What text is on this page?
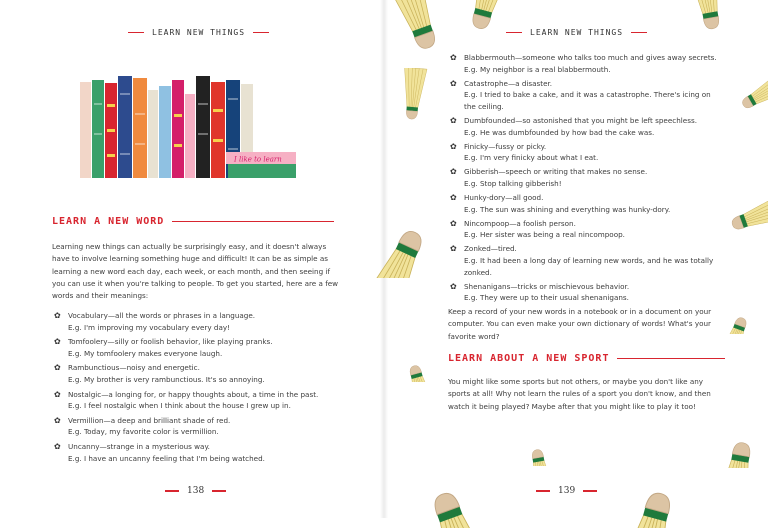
LEARN NEW THINGS
I like to learn
LEARN A NEW WORD
Learning new things can actually be surprisingly easy, and it doesn't always have to involve learning something huge and difficult! It can be as simple as learning a new word each day, each week, or each month, and then seeing if you can use it when you're talking to people. To get you started, here are a few words and their meanings:
✿ Vocabulary—all the words or phrases in a language.
E.g. I'm improving my vocabulary every day!
✿ Tomfoolery—silly or foolish behavior, like playing pranks.
E.g. My tomfoolery makes everyone laugh.
✿ Rambunctious—noisy and energetic.
E.g. My brother is very rambunctious. It's so annoying.
✿ Nostalgic—a longing for, or happy thoughts about, a time in the past.
E.g. I feel nostalgic when I think about the house I grew up in.
✿ Vermillion—a deep and brilliant shade of red.
E.g. Today, my favorite color is vermillion.
✿ Uncanny—strange in a mysterious way.
E.g. I have an uncanny feeling that I'm being watched.
138
LEARN NEW THINGS
✿ Blabbermouth—someone who talks too much and gives away secrets.
E.g. My neighbor is a real blabbermouth.
✿ Catastrophe—a disaster.
E.g. I tried to bake a cake, and it was a catastrophe. There's icing on the ceiling.
✿ Dumbfounded—so astonished that you might be left speechless.
E.g. He was dumbfounded by how bad the cake was.
✿ Finicky—fussy or picky.
E.g. I'm very finicky about what I eat.
✿ Gibberish—speech or writing that makes no sense.
E.g. Stop talking gibberish!
✿ Hunky-dory—all good.
E.g. The sun was shining and everything was hunky-dory.
✿ Nincompoop—a foolish person.
E.g. Her sister was being a real nincompoop.
✿ Zonked—tired.
E.g. It had been a long day of learning new words, and he was totally zonked.
✿ Shenanigans—tricks or mischievous behavior.
E.g. They were up to their usual shenanigans.
Keep a record of your new words in a notebook or in a document on your computer. You can even make your own dictionary of words! What's your favorite word?
LEARN ABOUT A NEW SPORT
You might like some sports but not others, or maybe you don't like any sports at all! Why not learn the rules of a sport you don't know, and then watch it being played? Maybe after that you might like to play it too!
139
